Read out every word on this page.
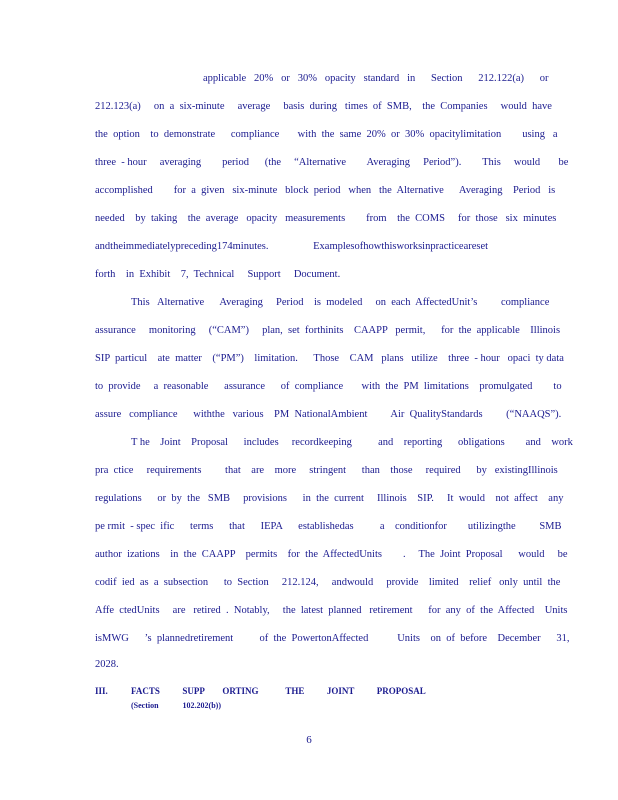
applicable   20%   or   30%   opacity   standard   in      Section      212.122(a)      or
212.123(a)     on  a  six-minute     average     basis  during   times  of  SMB,    the  Companies     would  have
the  option    to  demonstrate      compliance       with  the  same  20%  or  30%  opacitylimitation        using   a
three  - hour     averaging        period      (the     “Alternative        Averaging     Period”).        This     would       be
accomplished        for  a  given   six-minute   block  period   when   the  Alternative      Averaging    Period   is
needed    by  taking    the  average   opacity   measurements        from    the  COMS     for  those   six  minutes
andtheimmediatelypreceding174minutes.                 Examplesofhowthisworksinpracticeareset
forth    in  Exhibit    7,  Technical     Support     Document.
This   Alternative      Averaging     Period    is  modeled     on  each  AffectedUnit’s         compliance
assurance     monitoring     (“CAM”)     plan,  set  forthinits    CAAPP   permit,      for  the  applicable    Illinois
SIP  particul    ate  matter    (“PM”)    limitation.      Those    CAM   plans   utilize    three  - hour   opaci  ty data
to  provide     a  reasonable      assurance      of  compliance       with  the  PM  limitations    promulgated        to
assure   compliance      withthe   various    PM  NationalAmbient         Air  QualityStandards         (“NAAQS”).
T he    Joint    Proposal      includes     recordkeeping          and    reporting      obligations        and    work
pra  ctice     requirements         that    are    more     stringent      than    those     required      by   existingIllinois
regulations      or  by  the   SMB     provisions      in  the  current     Illinois    SIP.     It  would    not  affect    any
pe rmit  - spec  ific      terms      that      IEPA      establishedas          a    conditionfor        utilizingthe         SMB
author  izations    in  the  CAAPP    permits    for  the  AffectedUnits        .     The  Joint  Proposal      would     be
codif  ied  as  a  subsection      to  Section     212.124,     andwould     provide    limited    relief   only  until  the
Affe  ctedUnits     are   retired  .  Notably,     the  latest  planned   retirement      for  any  of  the  Affected    Units
isMWG      ’s  plannedretirement          of  the  PowertonAffected           Units    on  of  before    December      31,
2028.
III.	FACTS          SUPP        ORTING            THE          JOINT          PROPOSAL
(Section            102.202(b))
6
